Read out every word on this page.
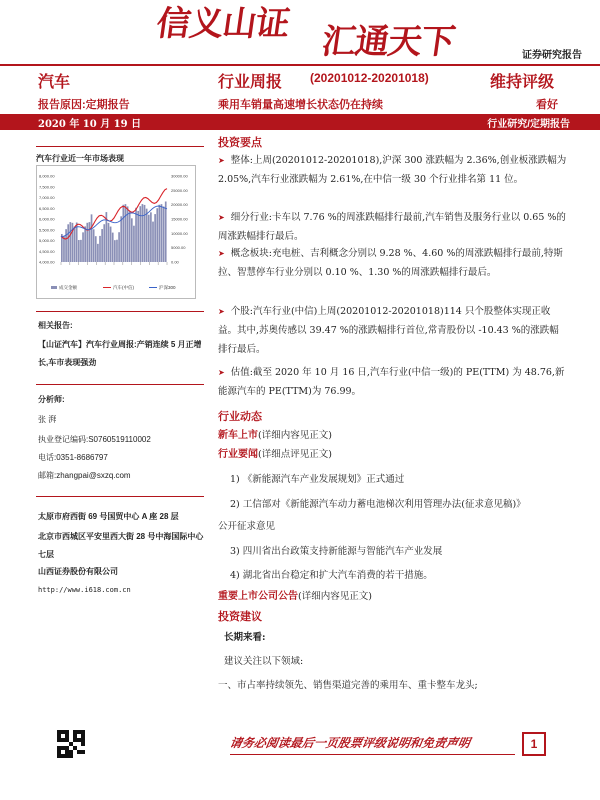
信义山证 汇通天下	证券研究报告
汽车	行业周报 (20201012-20201018)	维持评级
报告原因:定期报告	乘用车销量高速增长状态仍在持续	看好
2020 年 10 月 19 日	行业研究/定期报告
汽车行业近一年市场表现
8,000.00
7,500.00
7,000.00
6,500.00
6,000.00
5,500.00
5,000.00
4,500.00
4,000.00
30000.00
25000.00
20000.00
15000.00
10000.00
5000.00
0.00
成交金额	汽车(中信)	沪深300
相关报告:
【山证汽车】汽车行业周报:产销连续 5 月正增长,车市表现强劲
分析师:
张 湃
执业登记编码:S0760519110002
电话:0351-8686797
邮箱:zhangpai@sxzq.com
太原市府西街 69 号国贸中心 A 座 28 层
北京市西城区平安里西大街 28 号中海国际中心七层
山西证券股份有限公司
http://www.i618.com.cn
投资要点
➤ 整体:上周(20201012-20201018),沪深 300 涨跌幅为 2.36%,创业板涨跌幅为 2.05%,汽车行业涨跌幅为 2.61%,在中信一级 30 个行业排名第 11 位。
➤ 细分行业:卡车以 7.76 %的周涨跌幅排行最前,汽车销售及服务行业以 0.65 %的周涨跌幅排行最后。
➤ 概念板块:充电桩、吉利概念分别以 9.28 %、4.60 %的周涨跌幅排行最前,特斯拉、智慧停车行业分别以 0.10 %、1.30 %的周涨跌幅排行最后。
➤ 个股:汽车行业(中信)上周(20201012-20201018)114 只个股整体实现正收益。其中,苏奥传感以 39.47 %的涨跌幅排行首位,常青股份以 -10.43 %的涨跌幅排行最后。
➤ 估值:截至 2020 年 10 月 16 日,汽车行业(中信一级)的 PE(TTM) 为 48.76,新能源汽车的 PE(TTM)为 76.99。
行业动态
新车上市(详细内容见正文)
行业要闻(详细点评见正文)
1) 《新能源汽车产业发展规划》正式通过
2) 工信部对《新能源汽车动力蓄电池梯次利用管理办法(征求意见稿)》
公开征求意见
3) 四川省出台政策支持新能源与智能汽车产业发展
4) 湖北省出台稳定和扩大汽车消费的若干措施。
重要上市公司公告(详细内容见正文)
投资建议
长期来看:
建议关注以下领域:
一、市占率持续领先、销售渠道完善的乘用车、重卡整车龙头;
请务必阅读最后一页股票评级说明和免责声明	1
